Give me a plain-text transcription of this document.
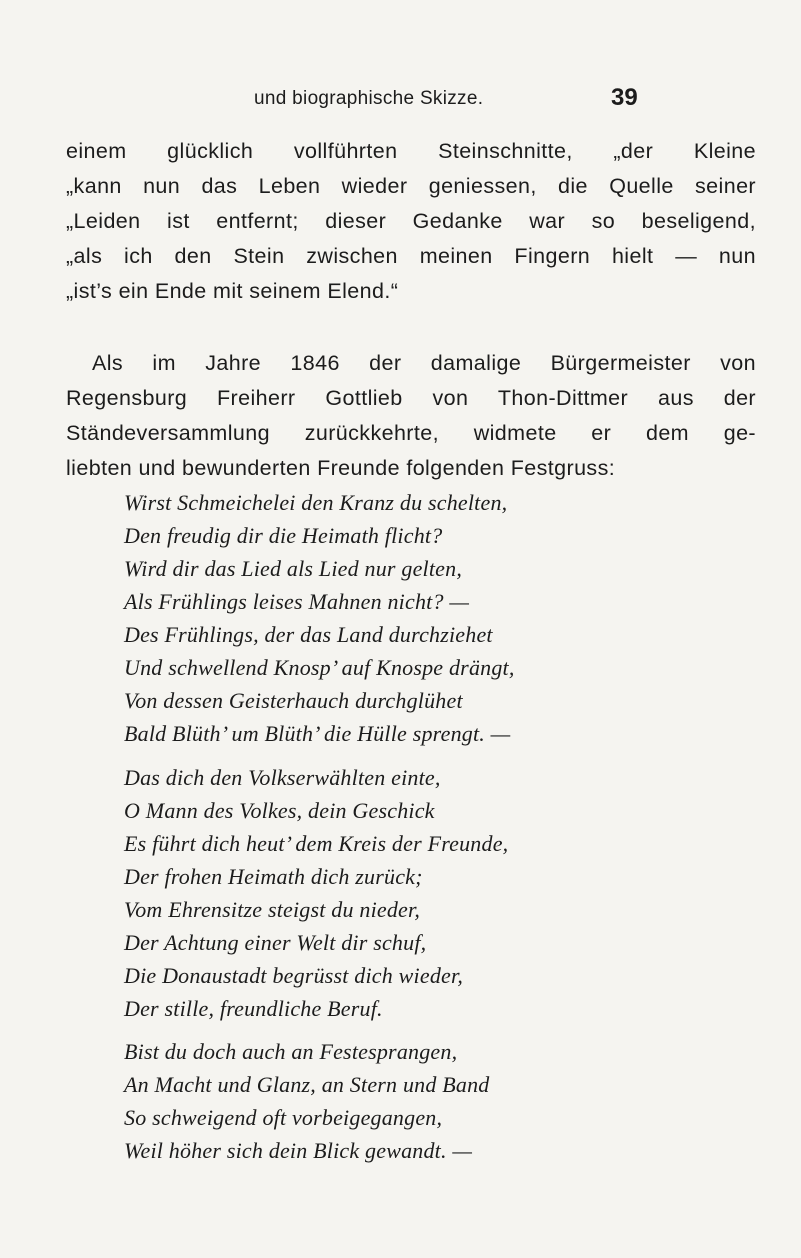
und biographische Skizze.	39
einem glücklich vollführten Steinschnitte, „der Kleine
„kann nun das Leben wieder geniessen, die Quelle seiner
„Leiden ist entfernt; dieser Gedanke war so beseligend,
„als ich den Stein zwischen meinen Fingern hielt — nun
„ist’s ein Ende mit seinem Elend.“
Als im Jahre 1846 der damalige Bürgermeister von
Regensburg Freiherr Gottlieb von Thon-Dittmer aus der
Ständeversammlung zurückkehrte, widmete er dem ge-
liebten und bewunderten Freunde folgenden Festgruss:
Wirst Schmeichelei den Kranz du schelten,
Den freudig dir die Heimath flicht?
Wird dir das Lied als Lied nur gelten,
Als Frühlings leises Mahnen nicht? —
Des Frühlings, der das Land durchziehet
Und schwellend Knosp’ auf Knospe drängt,
Von dessen Geisterhauch durchglühet
Bald Blüth’ um Blüth’ die Hülle sprengt. —
Das dich den Volkserwählten einte,
O Mann des Volkes, dein Geschick
Es führt dich heut’ dem Kreis der Freunde,
Der frohen Heimath dich zurück;
Vom Ehrensitze steigst du nieder,
Der Achtung einer Welt dir schuf,
Die Donaustadt begrüsst dich wieder,
Der stille, freundliche Beruf.
Bist du doch auch an Festesprangen,
An Macht und Glanz, an Stern und Band
So schweigend oft vorbeigegangen,
Weil höher sich dein Blick gewandt. —
